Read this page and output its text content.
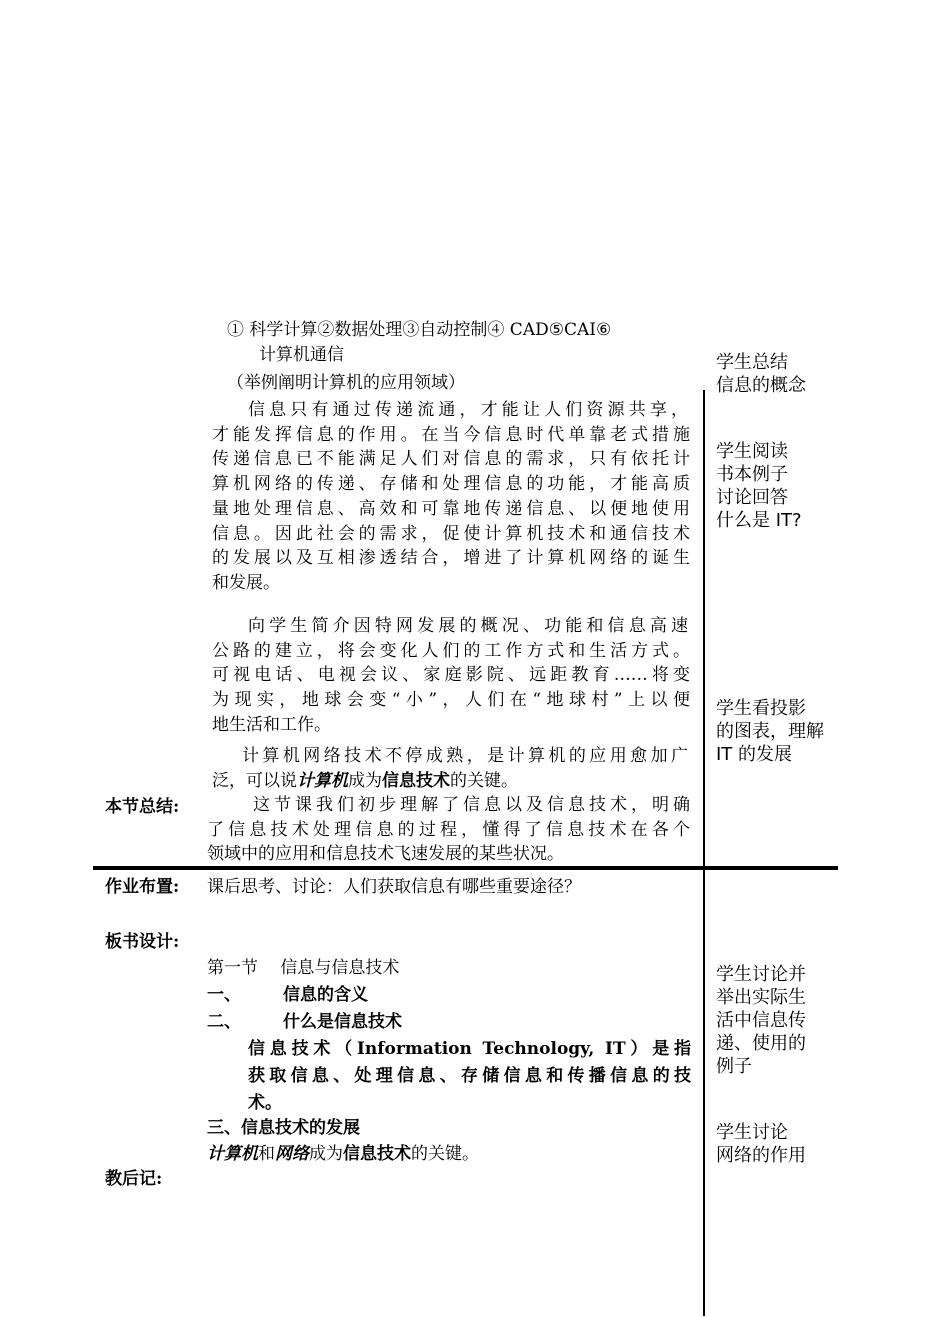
① 科学计算②数据处理③自动控制④ CAD⑤CAI⑥
计算机通信
（举例阐明计算机的应用领域）
信息只有通过传递流通，才能让人们资源共享，
才能发挥信息的作用。在当今信息时代单靠老式措施
传递信息已不能满足人们对信息的需求，只有依托计
算机网络的传递、存储和处理信息的功能，才能高质
量地处理信息、高效和可靠地传递信息、以便地使用
信息。因此社会的需求，促使计算机技术和通信技术
的发展以及互相渗透结合，增进了计算机网络的诞生
和发展。
向学生简介因特网发展的概况、功能和信息高速
公路的建立，将会变化人们的工作方式和生活方式。
可视电话、电视会议、家庭影院、远距教育……将变
为现实，地球会变“小”，人们在“地球村”上以便
地生活和工作。
计算机网络技术不停成熟，是计算机的应用愈加广
泛，可以说计算机成为信息技术的关键。
本节总结:	这节课我们初步理解了信息以及信息技术，明确
了信息技术处理信息的过程，懂得了信息技术在各个
领域中的应用和信息技术飞速发展的某些状况。
作业布置: 课后思考、讨论：人们获取信息有哪些重要途径？
板书设计:
第一节　 信息与信息技术
一、 信息的含义
二、 什么是信息技术
信息技术（Information Technology, IT）是指
获取信息、处理信息、存储信息和传播信息的技
术。
三、信息技术的发展
计算机和网络成为信息技术的关键。
教后记:
学生总结
信息的概念
学生阅读
书本例子
讨论回答
什么是 IT?
学生看投影
的图表，理解
IT 的发展
学生讨论并
举出实际生
活中信息传
递、使用的
例子
学生讨论
网络的作用
